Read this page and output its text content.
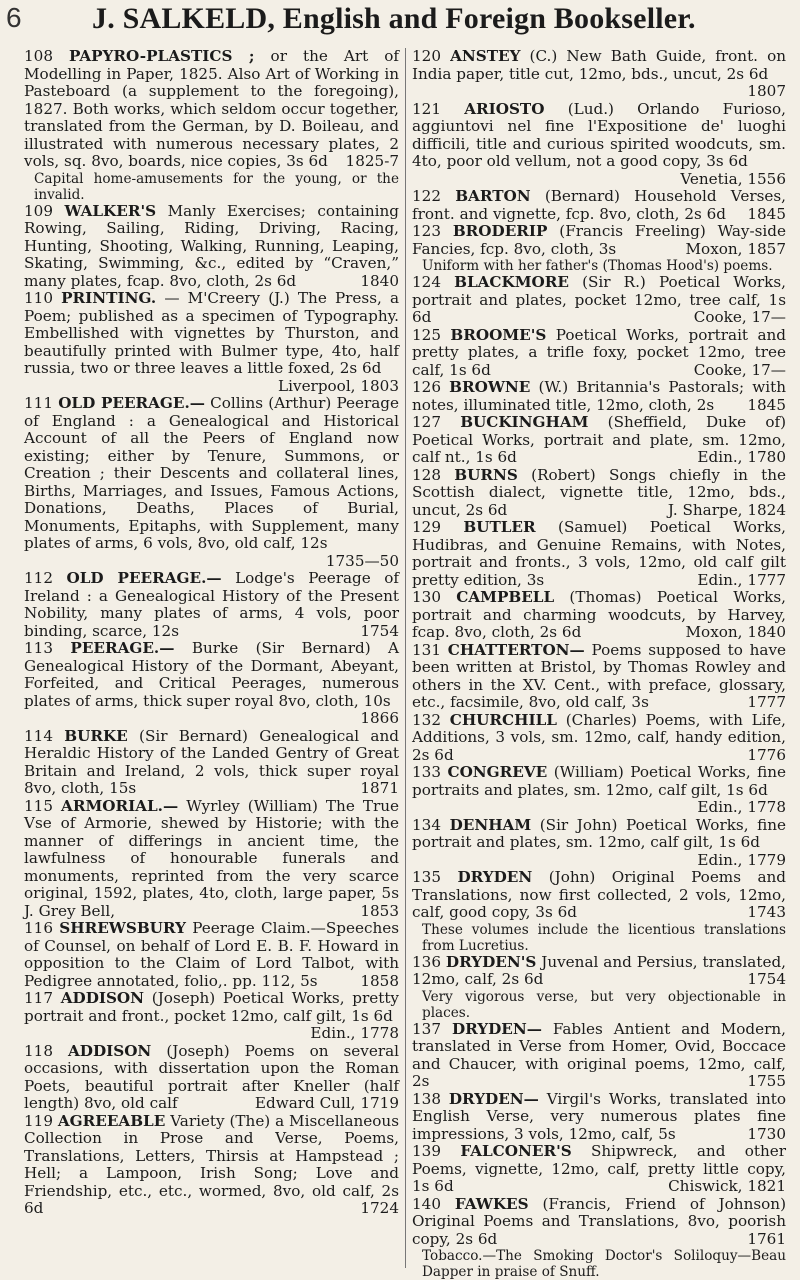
6 J. SALKELD, English and Foreign Bookseller.
108 PAPYRO-PLASTICS ; or the Art of Modelling in Paper, 1825. Also Art of Working in Pasteboard (a supplement to the foregoing), 1827. Both works, which seldom occur together, translated from the German, by D. Boileau, and illustrated with numerous necessary plates, 2 vols, sq. 8vo, boards, nice copies, 3s 6d 1825-7
Capital home-amusements for the young, or the invalid.
109 WALKER'S Manly Exercises; containing Rowing, Sailing, Riding, Driving, Racing, Hunting, Shooting, Walking, Running, Leaping, Skating, Swimming, &c., edited by “Craven,” many plates, fcap. 8vo, cloth, 2s 6d	1840
110 PRINTING. — M'Creery (J.) The Press, a Poem; published as a specimen of Typography. Embellished with vignettes by Thurston, and beautifully printed with Bulmer type, 4to, half russia, two or three leaves a little foxed, 2s 6d
Liverpool, 1803
111 OLD PEERAGE.— Collins (Arthur) Peerage of England : a Genealogical and Historical Account of all the Peers of England now existing; either by Tenure, Summons, or Creation ; their Descents and collateral lines, Births, Marriages, and Issues, Famous Actions, Donations, Deaths, Places of Burial, Monuments, Epitaphs, with Supplement, many plates of arms, 6 vols, 8vo, old calf, 12s
1735—50
112 OLD PEERAGE.— Lodge's Peerage of Ireland : a Genealogical History of the Present Nobility, many plates of arms, 4 vols, poor binding, scarce, 12s	1754
113 PEERAGE.— Burke (Sir Bernard) A Genealogical History of the Dormant, Abeyant, Forfeited, and Critical Peerages, numerous plates of arms, thick super royal 8vo, cloth, 10s
1866
114 BURKE (Sir Bernard) Genealogical and Heraldic History of the Landed Gentry of Great Britain and Ireland, 2 vols, thick super royal 8vo, cloth, 15s	1871
115 ARMORIAL.— Wyrley (William) The True Vse of Armorie, shewed by Historie; with the manner of differings in ancient time, the lawfulness of honourable funerals and monuments, reprinted from the very scarce original, 1592, plates, 4to, cloth, large paper, 5s J. Grey Bell,	1853
116 SHREWSBURY Peerage Claim.—Speeches of Counsel, on behalf of Lord E. B. F. Howard in opposition to the Claim of Lord Talbot, with Pedigree annotated, folio,. pp. 112, 5s	1858
117 ADDISON (Joseph) Poetical Works, pretty portrait and front., pocket 12mo, calf gilt, 1s 6d
Edin., 1778
118 ADDISON (Joseph) Poems on several occasions, with dissertation upon the Roman Poets, beautiful portrait after Kneller (half length) 8vo, old calf	Edward Cull, 1719
119 AGREEABLE Variety (The) a Miscellaneous Collection in Prose and Verse, Poems, Translations, Letters, Thirsis at Hampstead ; Hell; a Lampoon, Irish Song; Love and Friendship, etc., etc., wormed, 8vo, old calf, 2s 6d	1724
120 ANSTEY (C.) New Bath Guide, front. on India paper, title cut, 12mo, bds., uncut, 2s 6d
1807
121 ARIOSTO (Lud.) Orlando Furioso, aggiuntovi nel fine l'Expositione de' luoghi difficili, title and curious spirited woodcuts, sm. 4to, poor old vellum, not a good copy, 3s 6d
Venetia, 1556
122 BARTON (Bernard) Household Verses, front. and vignette, fcp. 8vo, cloth, 2s 6d 1845
123 BRODERIP (Francis Freeling) Way-side Fancies, fcp. 8vo, cloth, 3s	Moxon, 1857
Uniform with her father's (Thomas Hood's) poems.
124 BLACKMORE (Sir R.) Poetical Works, portrait and plates, pocket 12mo, tree calf, 1s 6d	Cooke, 17—
125 BROOME'S Poetical Works, portrait and pretty plates, a trifle foxy, pocket 12mo, tree calf, 1s 6d	Cooke, 17—
126 BROWNE (W.) Britannia's Pastorals; with notes, illuminated title, 12mo, cloth, 2s 1845
127 BUCKINGHAM (Sheffield, Duke of) Poetical Works, portrait and plate, sm. 12mo, calf nt., 1s 6d	Edin., 1780
128 BURNS (Robert) Songs chiefly in the Scottish dialect, vignette title, 12mo, bds., uncut, 2s 6d	J. Sharpe, 1824
129 BUTLER (Samuel) Poetical Works, Hudibras, and Genuine Remains, with Notes, portrait and fronts., 3 vols, 12mo, old calf gilt pretty edition, 3s	Edin., 1777
130 CAMPBELL (Thomas) Poetical Works, portrait and charming woodcuts, by Harvey, fcap. 8vo, cloth, 2s 6d	Moxon, 1840
131 CHATTERTON— Poems supposed to have been written at Bristol, by Thomas Rowley and others in the XV. Cent., with preface, glossary, etc., facsimile, 8vo, old calf, 3s	1777
132 CHURCHILL (Charles) Poems, with Life, Additions, 3 vols, sm. 12mo, calf, handy edition, 2s 6d	1776
133 CONGREVE (William) Poetical Works, fine portraits and plates, sm. 12mo, calf gilt, 1s 6d
Edin., 1778
134 DENHAM (Sir John) Poetical Works, fine portrait and plates, sm. 12mo, calf gilt, 1s 6d
Edin., 1779
135 DRYDEN (John) Original Poems and Translations, now first collected, 2 vols, 12mo, calf, good copy, 3s 6d	1743
These volumes include the licentious translations from Lucretius.
136 DRYDEN'S Juvenal and Persius, translated, 12mo, calf, 2s 6d	1754
Very vigorous verse, but very objectionable in places.
137 DRYDEN— Fables Antient and Modern, translated in Verse from Homer, Ovid, Boccace and Chaucer, with original poems, 12mo, calf, 2s	1755
138 DRYDEN— Virgil's Works, translated into English Verse, very numerous plates fine impressions, 3 vols, 12mo, calf, 5s	1730
139 FALCONER'S Shipwreck, and other Poems, vignette, 12mo, calf, pretty little copy, 1s 6d	Chiswick, 1821
140 FAWKES (Francis, Friend of Johnson) Original Poems and Translations, 8vo, poorish copy, 2s 6d	1761
Tobacco.—The Smoking Doctor's Soliloquy—Beau Dapper in praise of Snuff.
